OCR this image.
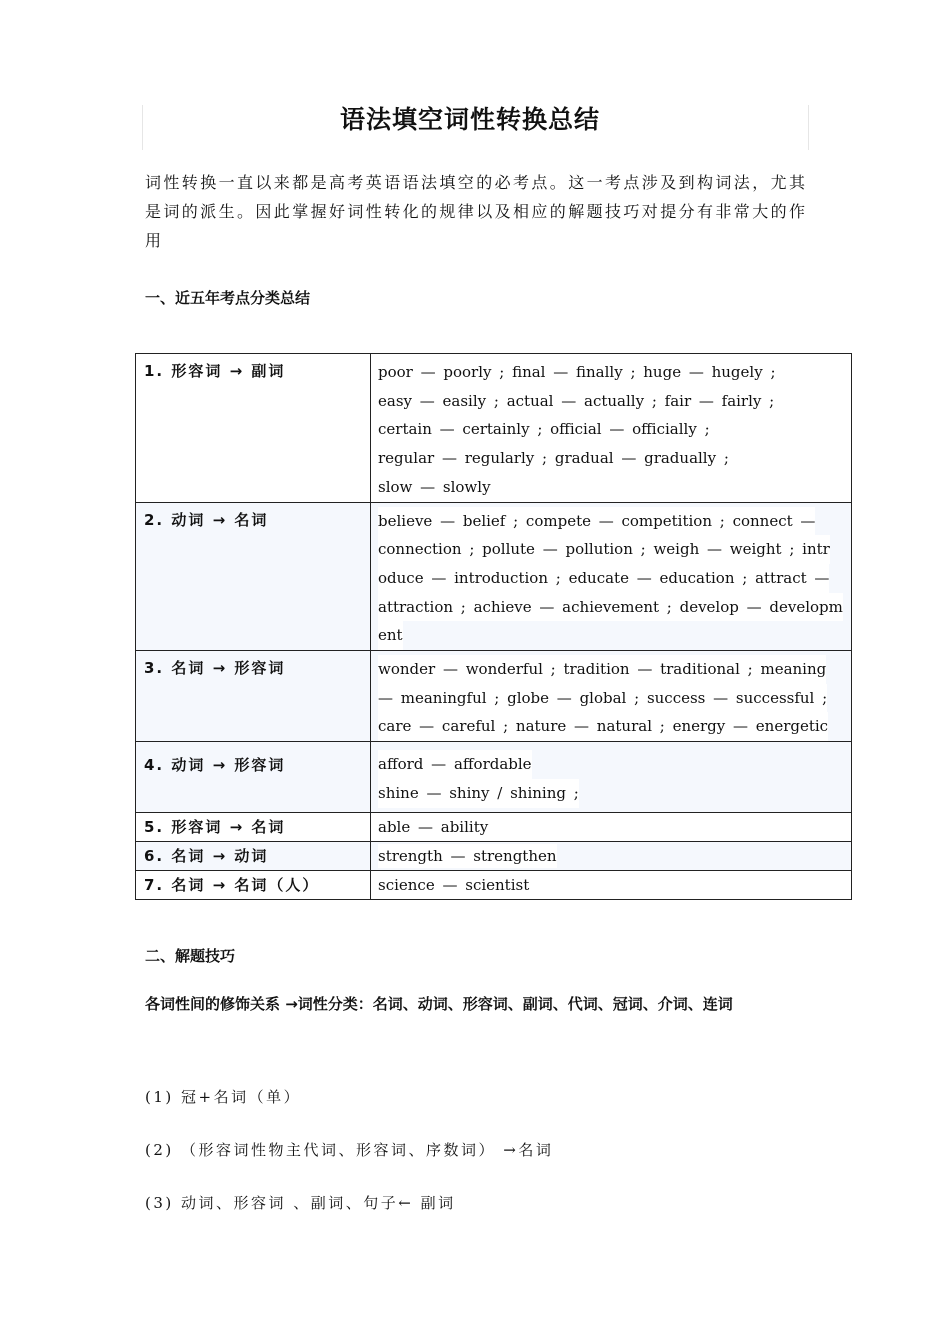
语法填空词性转换总结
词性转换一直以来都是高考英语语法填空的必考点。这一考点涉及到构词法，尤其是词的派生。因此掌握好词性转化的规律以及相应的解题技巧对提分有非常大的作用
一、近五年考点分类总结
1. 形容词 → 副词	poor — poorly ; final — finally ; huge — hugely ;
easy — easily ; actual — actually ; fair — fairly ;
certain — certainly ; official — officially ;
regular — regularly ; gradual — gradually ;
slow — slowly

2. 动词 → 名词	believe — belief ; compete — competition ; connect —
connection ; pollute — pollution ; weigh — weight ; intr
oduce — introduction ; educate — education ; attract —
attraction ; achieve — achievement ; develop — developm
ent

3. 名词 → 形容词	wonder — wonderful ; tradition — traditional ; meaning
— meaningful ; globe — global ; success — successful ;
care — careful ; nature — natural ; energy — energetic

4. 动词 → 形容词	afford — affordable
shine — shiny / shining ;

5. 形容词 → 名词	able — ability

6. 名词 → 动词	strength — strengthen

7. 名词 → 名词（人）	science — scientist
二、解题技巧
各词性间的修饰关系 →词性分类：名词、动词、形容词、副词、代词、冠词、介词、连词
(1) 冠+名词（单）
(2) （形容词性物主代词、形容词、序数词） →名词
(3) 动词、形容词 、副词、句子← 副词
